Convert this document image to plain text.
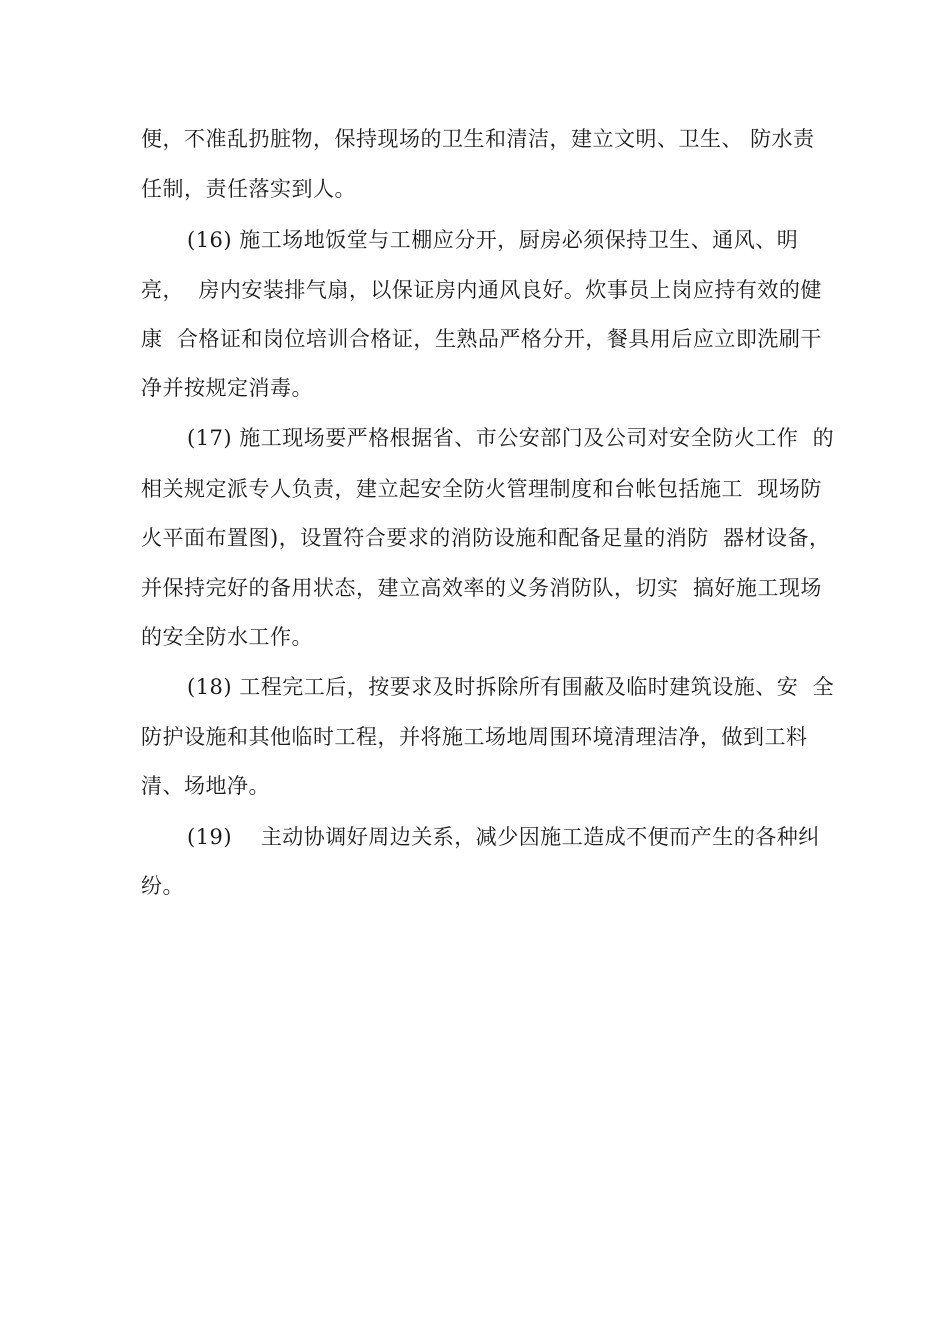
便，不准乱扔脏物，保持现场的卫生和清洁，建立文明、卫生、 防水责
任制，责任落实到人。
(16) 施工场地饭堂与工棚应分开，厨房必须保持卫生、通风、明
亮，  房内安装排气扇，以保证房内通风良好。炊事员上岗应持有效的健
康  合格证和岗位培训合格证，生熟品严格分开，餐具用后应立即洗刷干
净并按规定消毒。
(17) 施工现场要严格根据省、市公安部门及公司对安全防火工作  的
相关规定派专人负责，建立起安全防火管理制度和台帐包括施工  现场防
火平面布置图)，设置符合要求的消防设施和配备足量的消防  器材设备，
并保持完好的备用状态，建立高效率的义务消防队，切实  搞好施工现场
的安全防水工作。
(18) 工程完工后，按要求及时拆除所有围蔽及临时建筑设施、安  全
防护设施和其他临时工程，并将施工场地周围环境清理洁净，做到工料
清、场地净。
(19)    主动协调好周边关系，减少因施工造成不便而产生的各种纠
纷。
